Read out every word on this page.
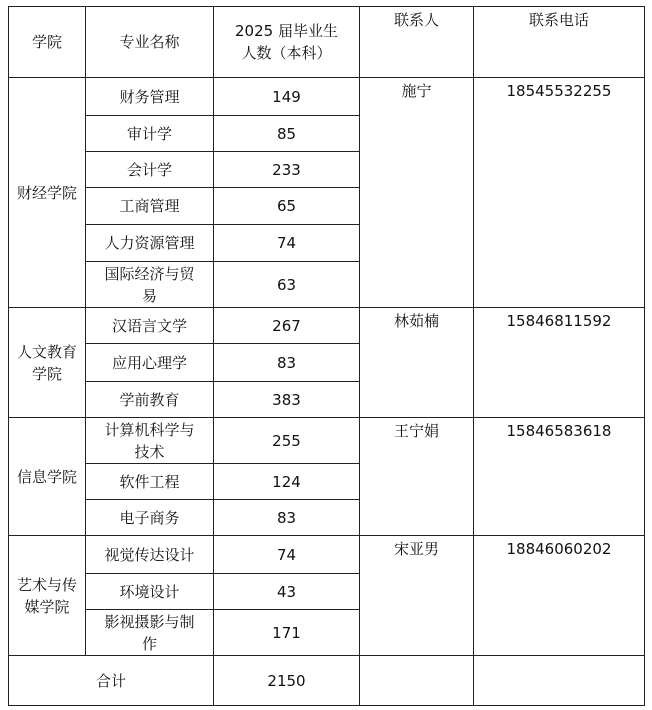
学院	专业名称	2025 届毕业生人数（本科）	联系人	联系电话
财经学院	财务管理	149	施宁	18545532255
	审计学	85		
	会计学	233		
	工商管理	65		
	人力资源管理	74		
	国际经济与贸易	63		
人文教育学院	汉语言文学	267	林茹楠	15846811592
	应用心理学	83		
	学前教育	383		
信息学院	计算机科学与技术	255	王宁娟	15846583618
	软件工程	124		
	电子商务	83		
艺术与传媒学院	视觉传达设计	74	宋亚男	18846060202
	环境设计	43		
	影视摄影与制作	171		
合计		2150		
